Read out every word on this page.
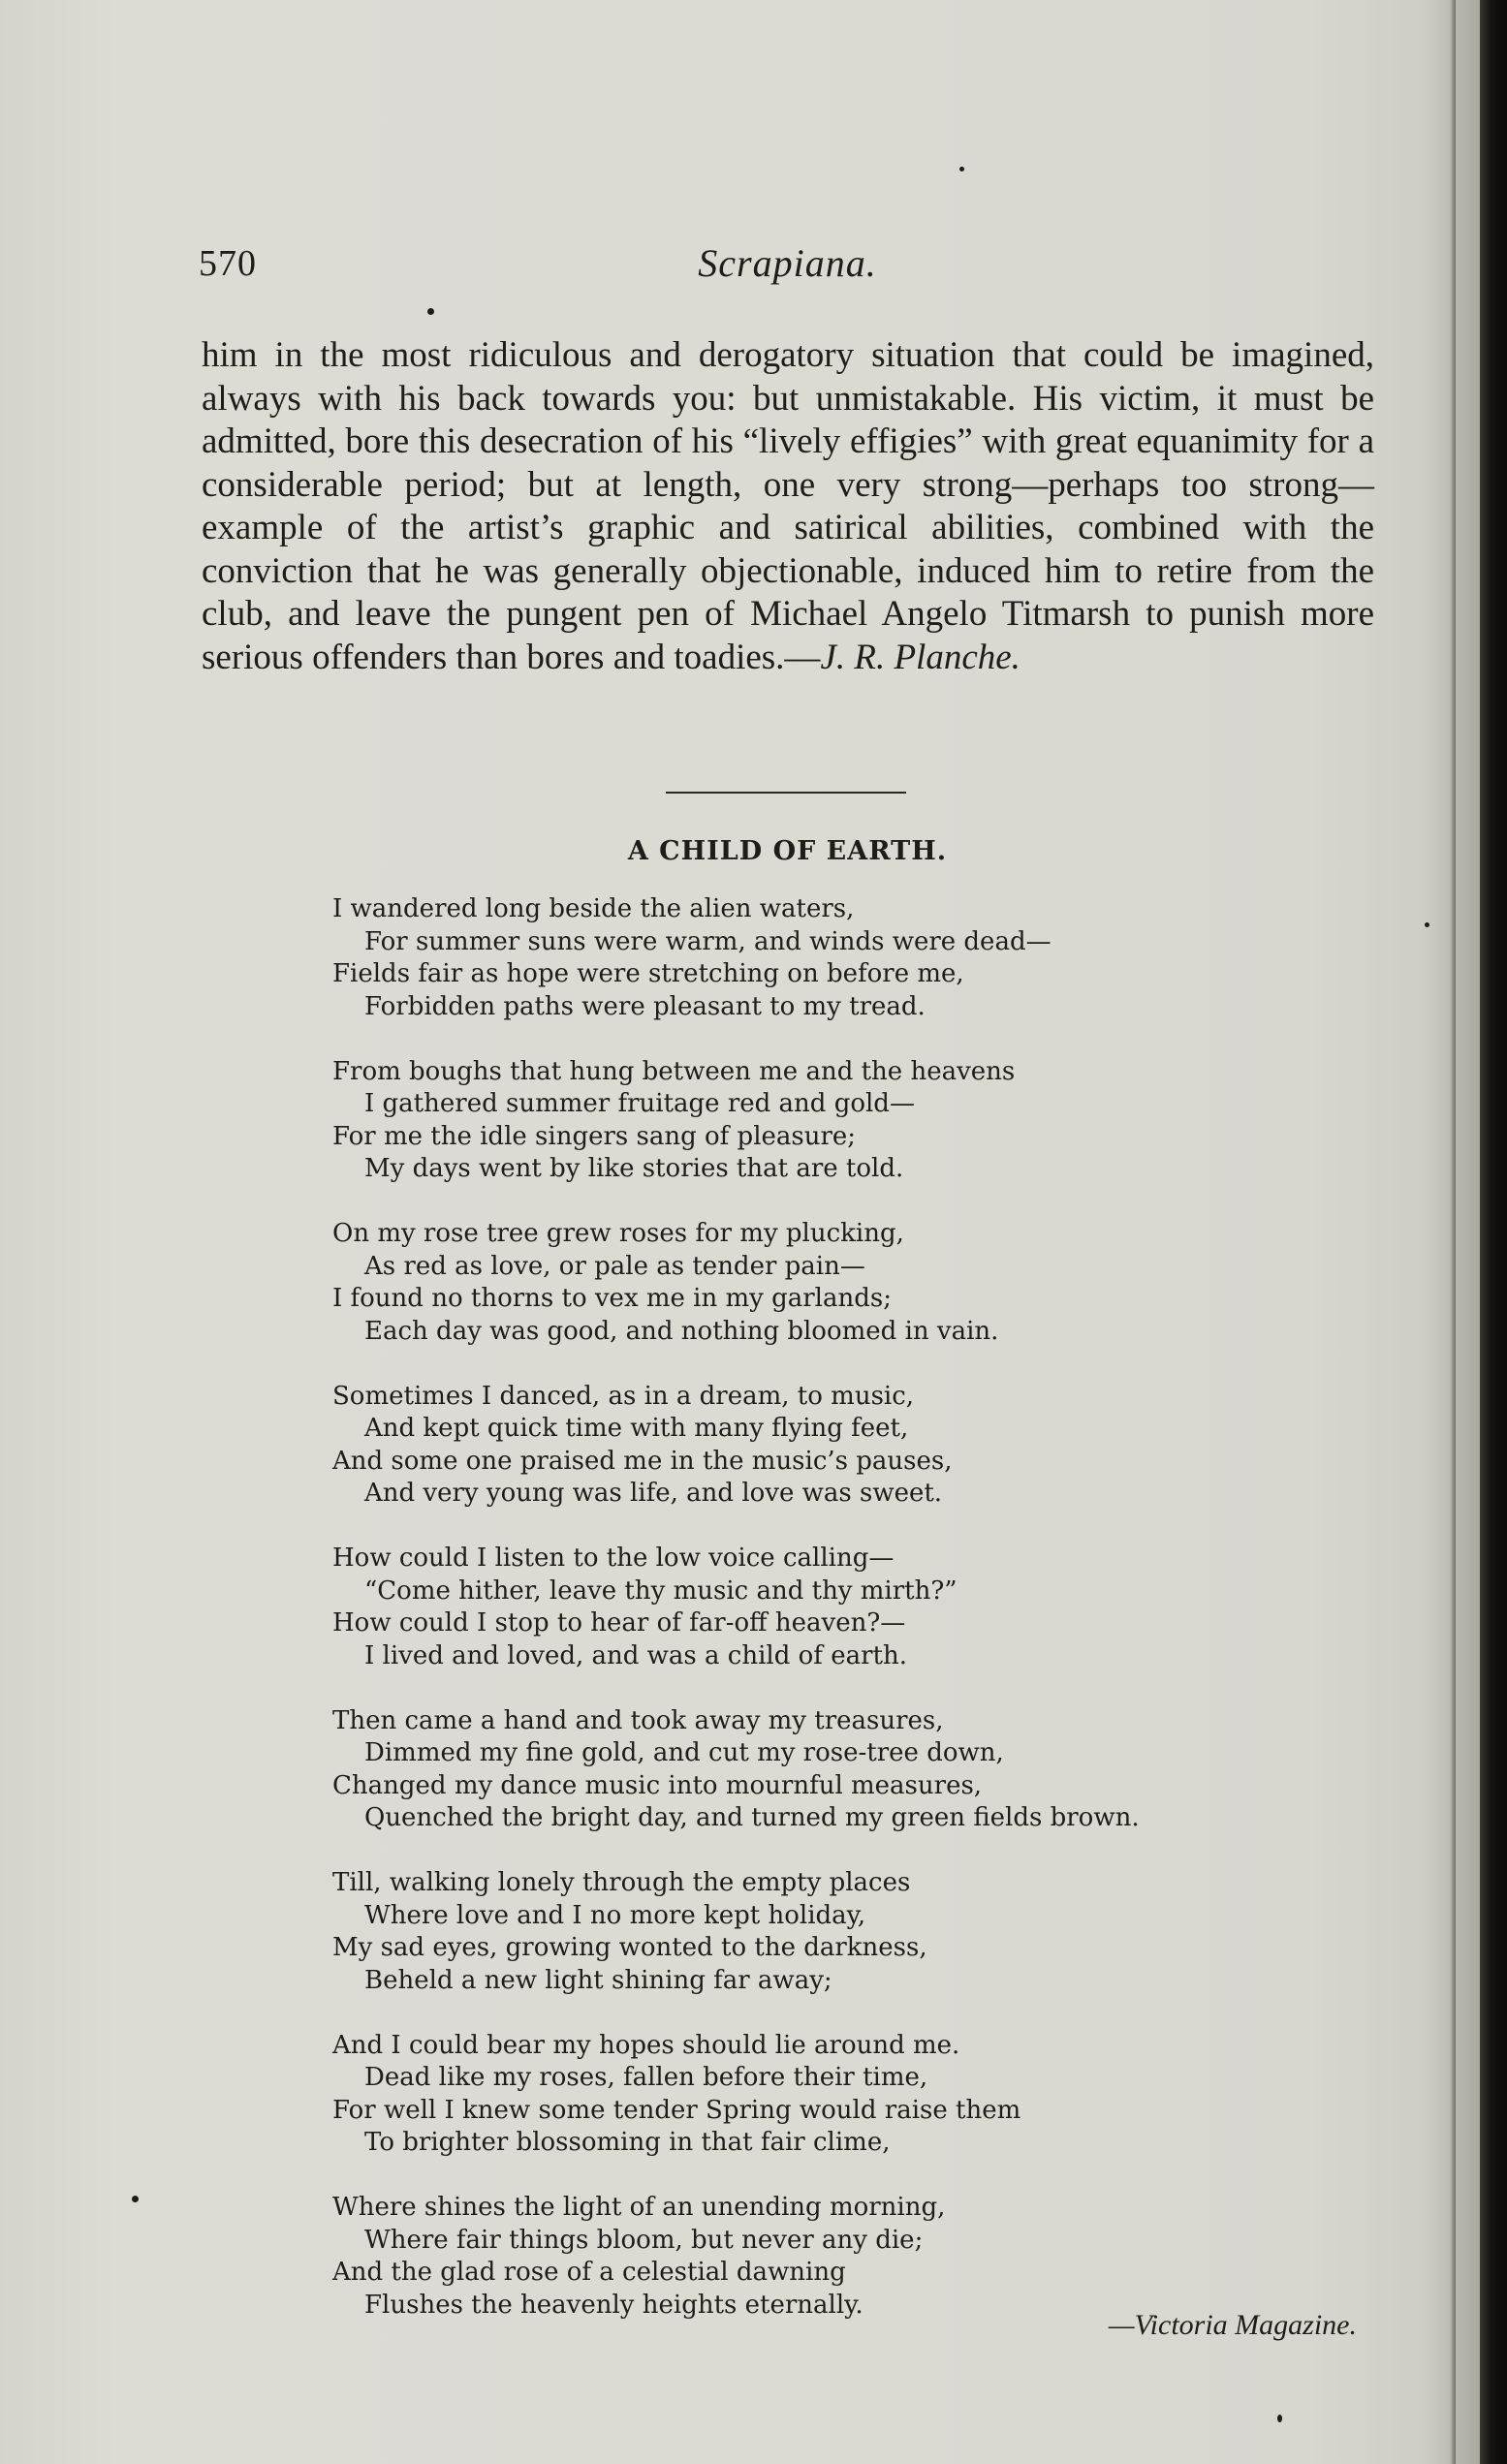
570	Scrapiana.

him in the most ridiculous and derogatory situation that could be imagined, always with his back towards you: but unmistakable. His victim, it must be admitted, bore this desecration of his “lively effigies” with great equanimity for a considerable period; but at length, one very strong—perhaps too strong—example of the artist’s graphic and satirical abilities, combined with the conviction that he was generally objectionable, induced him to retire from the club, and leave the pungent pen of Michael Angelo Titmarsh to punish more serious offenders than bores and toadies.—J. R. Planche.

A CHILD OF EARTH.
I wandered long beside the alien waters,
For summer suns were warm, and winds were dead—
Fields fair as hope were stretching on before me,
Forbidden paths were pleasant to my tread.
From boughs that hung between me and the heavens
I gathered summer fruitage red and gold—
For me the idle singers sang of pleasure;
My days went by like stories that are told.
On my rose tree grew roses for my plucking,
As red as love, or pale as tender pain—
I found no thorns to vex me in my garlands;
Each day was good, and nothing bloomed in vain.
Sometimes I danced, as in a dream, to music,
And kept quick time with many flying feet,
And some one praised me in the music’s pauses,
And very young was life, and love was sweet.
How could I listen to the low voice calling—
“Come hither, leave thy music and thy mirth?”
How could I stop to hear of far-off heaven?—
I lived and loved, and was a child of earth.
Then came a hand and took away my treasures,
Dimmed my fine gold, and cut my rose-tree down,
Changed my dance music into mournful measures,
Quenched the bright day, and turned my green fields brown.
Till, walking lonely through the empty places
Where love and I no more kept holiday,
My sad eyes, growing wonted to the darkness,
Beheld a new light shining far away;
And I could bear my hopes should lie around me.
Dead like my roses, fallen before their time,
For well I knew some tender Spring would raise them
To brighter blossoming in that fair clime,
Where shines the light of an unending morning,
Where fair things bloom, but never any die;
And the glad rose of a celestial dawning
Flushes the heavenly heights eternally.
—Victoria Magazine.
